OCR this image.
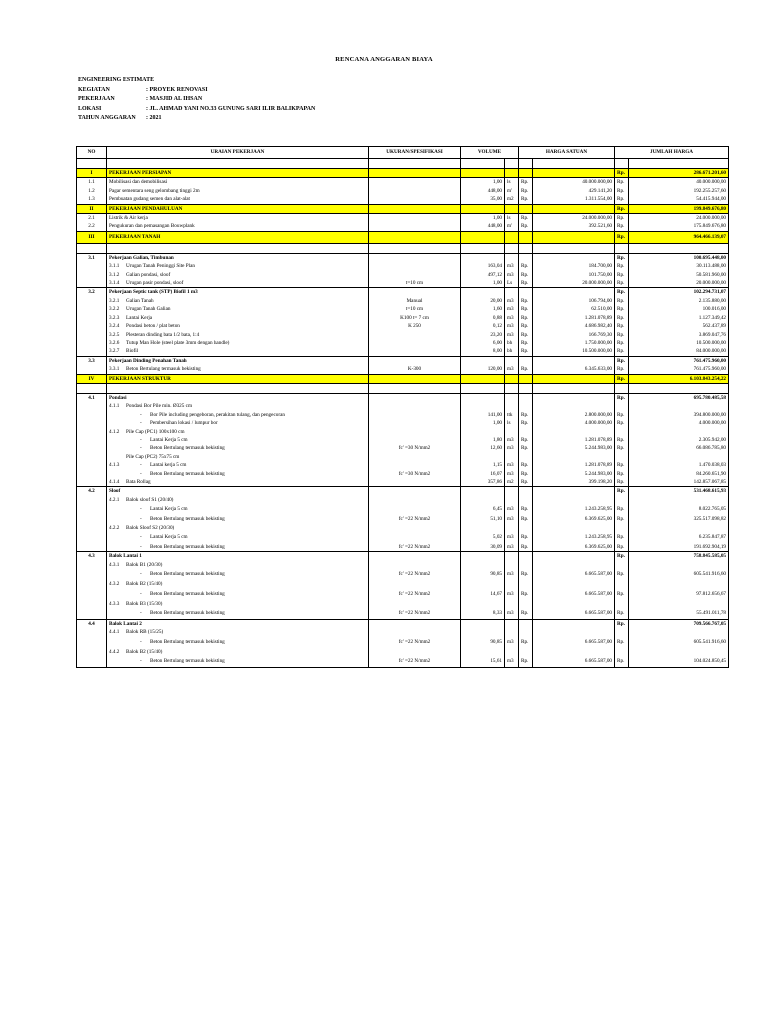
RENCANA ANGGARAN BIAYA
ENGINEERING ESTIMATE
KEGIATAN	: PROYEK RENOVASI
PEKERJAAN	: MASJID AL IHSAN
LOKASI	: JL. AHMAD YANI NO.33 GUNUNG SARI ILIR BALIKPAPAN
TAHUN ANGGARAN : 2021
NO	URAIAN PEKERJAAN	UKURAN/SPESIFIKASI	VOLUME		HARGA SATUAN		JUMLAH HARGA	

I	PEKERJAAN PERSIAPAN						Rp.	286.671.201,60
1.1	Mobilisasi dan demobilisasi		1,00	ls	Rp.	40.000.000,00	Rp.	40.000.000,00
1.2	Pagar sementara seng gelombang tinggi 2m		448,00	m'	Rp.	429.141,20	Rp.	192.255.257,60
1.3	Pembuatan gudang semen dan alat-alat		35,00	m2	Rp.	1.311.554,00	Rp.	54.415.944,00
II	PEKERJAAN PENDAHULUAN						Rp.	199.849.676,80
2.1	Listrik & Air kerja		1,00	ls	Rp.	24.000.000,00	Rp.	24.000.000,00
2.2	Pengukuran dan pemasangan Bouwplank		448,00	m'	Rp.	392.521,60	Rp.	175.849.676,80
III	PEKERJAAN TANAH						Rp.	964.466.139,07

3.1	Pekerjaan Galian, Timbunan						Rp.	100.695.448,00
	3.1.1 Urugan Tanah Peninggi Site Plan		163,04	m3	Rp.	184.700,00	Rp.	30.113.488,00
	3.1.2 Galian pondasi, sloof		497,12	m3	Rp.	101.750,00	Rp.	50.581.960,00
	3.1.4 Urugan pasir pondasi, sloof	t=10 cm	1,00	Ls	Rp.	20.000.000,00	Rp.	20.000.000,00
3.2	Pekerjaan Septic tank (STP) Biofil 1 m3						Rp.	102.294.731,07
	3.2.1 Galian Tanah	Manual	20,00	m3	Rp.	106.794,00	Rp.	2.135.880,00
	3.2.2 Urugan Tanah Galian	t=10 cm	1,60	m3	Rp.	62.510,00	Rp.	100.016,00
	3.2.3 Lantai Kerja	K100 t= 7 cm	0,88	m3	Rp.	1.281.078,89	Rp.	1.127.349,42
	3.2.4 Pondasi beton / plat beton	K 250	0,12	m3	Rp.	4.686.982,40	Rp.	562.437,89
	3.2.5 Plesteran dinding bata 1/2 bata, 1:4		23,20	m3	Rp.	166.769,30	Rp.	3.869.047,76
	3.2.6 Tutup Man Hole (steel plate 3mm dengan handle)		6,00	bh	Rp.	1.750.000,00	Rp.	10.500.000,00
	3.2.7 Biofil		8,00	bh	Rp.	10.500.000,00	Rp.	84.000.000,00
3.3	Pekerjaan Dinding Penahan Tanah						Rp.	761.475.960,00
	3.3.1 Beton Bertulang termasuk bekisting	K-300	120,00	m3	Rp.	6.345.633,00	Rp.	761.475.960,00
IV	PEKERJAAN STRUKTUR						Rp.	6.103.843.254,22

4.1	Pondasi						Rp.	695.780.485,58
	4.1.1 Pondasi Bor Pile min. Ø325 cm							
	- Bor Pile including pengeboran, perakitan tulang, dan pengecoran		141,00	ttk	Rp.	2.800.000,00	Rp.	394.800.000,00
	- Pembersihan lokasi / lumpur bor		1,00	ls	Rp.	4.000.000,00	Rp.	4.000.000,00
	4.1.2 Pile Cap (PC1) 100x100 cm							
	- Lantai Kerja 5 cm		1,80	m3	Rp.	1.281.078,89	Rp.	2.305.942,00
	- Beton Bertulang termasuk bekisting	fc' =30 N/mm2	12,60	m3	Rp.	5.244.983,00	Rp.	66.086.785,80
	Pile Cap (PC2) 75x75 cm							
	4.1.3 - Lantai kerja 5 cm		1,15	m3	Rp.	1.281.078,89	Rp.	1.470.038,03
	- Beton Bertulang termasuk bekisting	fc' =30 N/mm2	16,07	m3	Rp.	5.244.983,00	Rp.	84.260.651,90
	4.1.4 Bata Rollag		357,86	m2	Rp.	399.198,20	Rp.	142.857.067,85
4.2	Sloof						Rp.	531.468.615,93
	4.2.1 Balok sloof S1 (20/40)							
	- Lantai Kerja 5 cm		6,45	m3	Rp.	1.243.258,95	Rp.	8.022.765,05
	- Beton Bertulang termasuk bekisting	fc' =22 N/mm2	51,10	m3	Rp.	6.369.625,00	Rp.	325.517.098,82
	4.2.2 Balok Sloof S2 (20/30)							
	- Lantai Kerja 5 cm		5,02	m3	Rp.	1.243.258,95	Rp.	6.235.847,87
	- Beton Bertulang termasuk bekisting	fc' =22 N/mm2	30,09	m3	Rp.	6.369.625,00	Rp.	191.692.904,19
4.3	Balok Lantai 1						Rp.	758.845.585,05
	4.3.1 Balok B1 (20/30)							
	- Beton Bertulang termasuk bekisting	fc' =22 N/mm2	90,85	m3	Rp.	6.665.587,00	Rp.	605.541.916,60
	4.3.2 Balok B2 (15/40)							
	- Beton Bertulang termasuk bekisting	fc' =22 N/mm2	14,67	m3	Rp.	6.665.587,00	Rp.	97.812.656,67
	4.3.3 Balok B3 (15/30)							
	- Beton Bertulang termasuk bekisting	fc' =22 N/mm2	8,33	m3	Rp.	6.665.587,00	Rp.	55.491.011,78
4.4	Balok Lantai 2						Rp.	709.566.767,05
	4.4.1 Balok RB (15/25)							
	- Beton Bertulang termasuk bekisting	fc' =22 N/mm2	90,85	m3	Rp.	6.665.587,00	Rp.	605.541.916,60
	4.4.2 Balok B2 (15/40)							
	- Beton Bertulang termasuk bekisting	fc' =22 N/mm2	15,61	m3	Rp.	6.665.587,00	Rp.	104.024.850,45
